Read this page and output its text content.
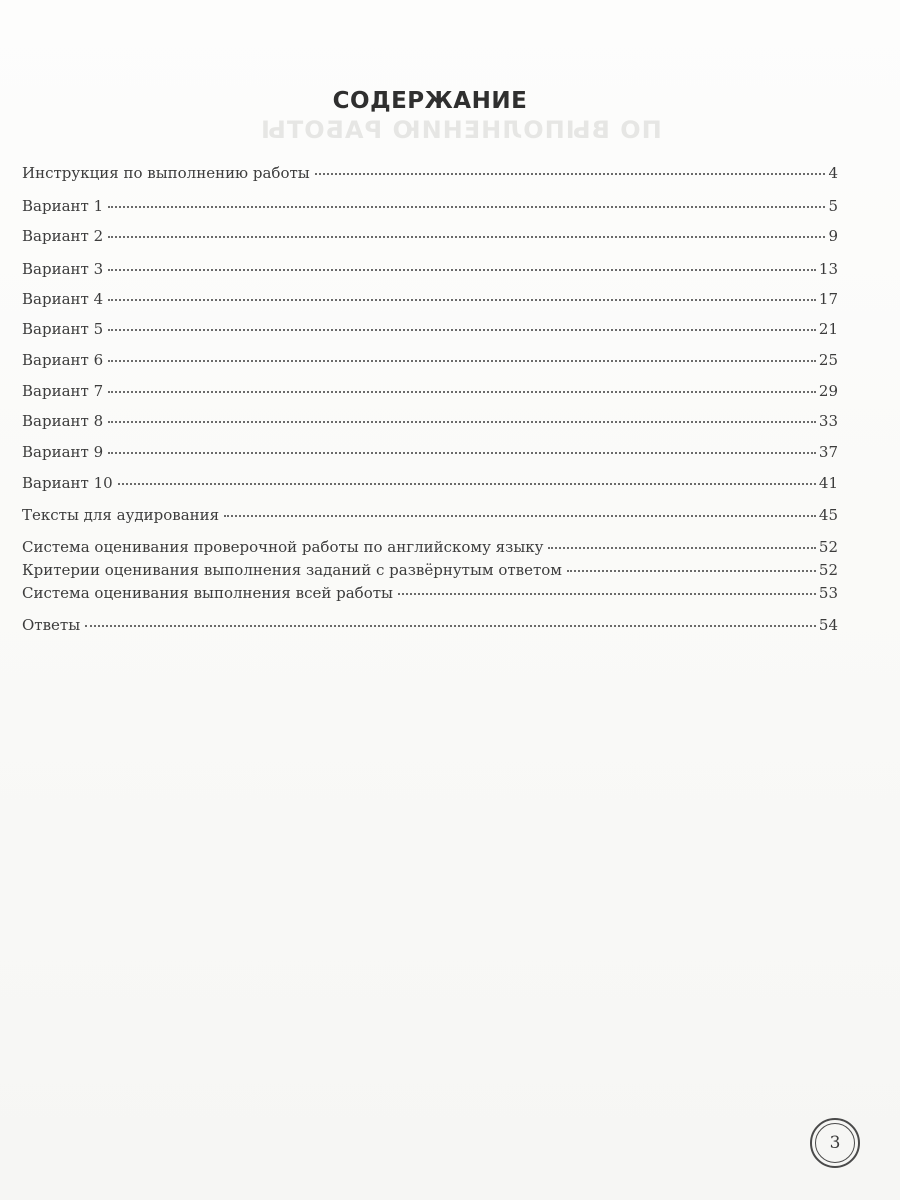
ПО ВЫПОЛНЕНИЮ РАБОТЫ
СОДЕРЖАНИЕ
Инструкция по выполнению работы	4
Вариант 1	5
Вариант 2	9
Вариант 3	13
Вариант 4	17
Вариант 5	21
Вариант 6	25
Вариант 7	29
Вариант 8	33
Вариант 9	37
Вариант 10	41
Тексты для аудирования	45
Система оценивания проверочной работы по английскому языку	52
Критерии оценивания выполнения заданий с развёрнутым ответом	52
Система оценивания выполнения всей работы	53
Ответы	54
3
